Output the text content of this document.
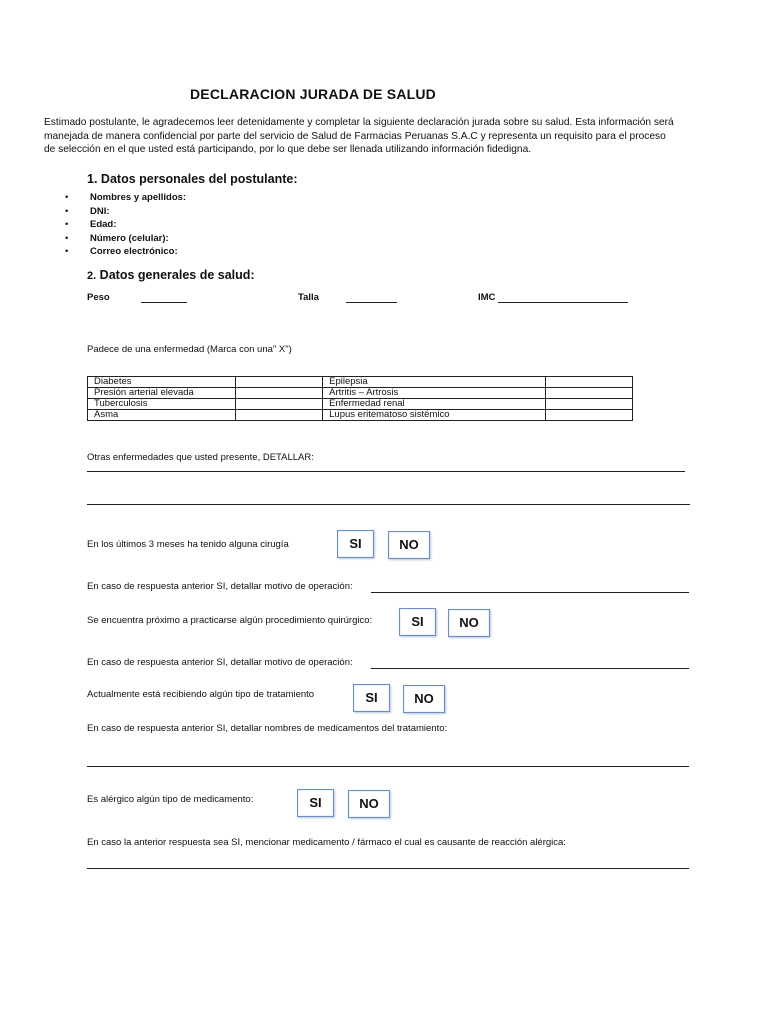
DECLARACION JURADA DE SALUD
Estimado postulante, le agradecemos leer detenidamente y completar la siguiente declaración jurada sobre su salud. Esta información será
manejada de manera confidencial por parte del servicio de Salud de Farmacias Peruanas S.A.C y representa un requisito para el proceso
de selección en el que usted está participando, por lo que debe ser llenada utilizando información fidedigna.
1. Datos personales del postulante:
• Nombres y apellidos:
• DNI:
• Edad:
• Número (celular):
• Correo electrónico:
2. Datos generales de salud:
Peso	Talla	IMC
Padece de una enfermedad (Marca con una" X")
Diabetes		Epilepsia	
Presión arterial elevada		Artritis – Artrosis	
Tuberculosis		Enfermedad renal	
Asma		Lupus eritematoso sistémico	
Otras enfermedades que usted presente, DETALLAR:
En los últimos 3 meses ha tenido alguna cirugía	SI	NO
En caso de respuesta anterior SI, detallar motivo de operación:
Se encuentra próximo a practicarse algún procedimiento quirúrgico:	SI	NO
En caso de respuesta anterior SI, detallar motivo de operación:
Actualmente está recibiendo algún tipo de tratamiento	SI	NO
En caso de respuesta anterior SI, detallar nombres de medicamentos del tratamiento:
Es alérgico algún tipo de medicamento:	SI	NO
En caso la anterior respuesta sea SI, mencionar medicamento / fármaco el cual es causante de reacción alérgica:
